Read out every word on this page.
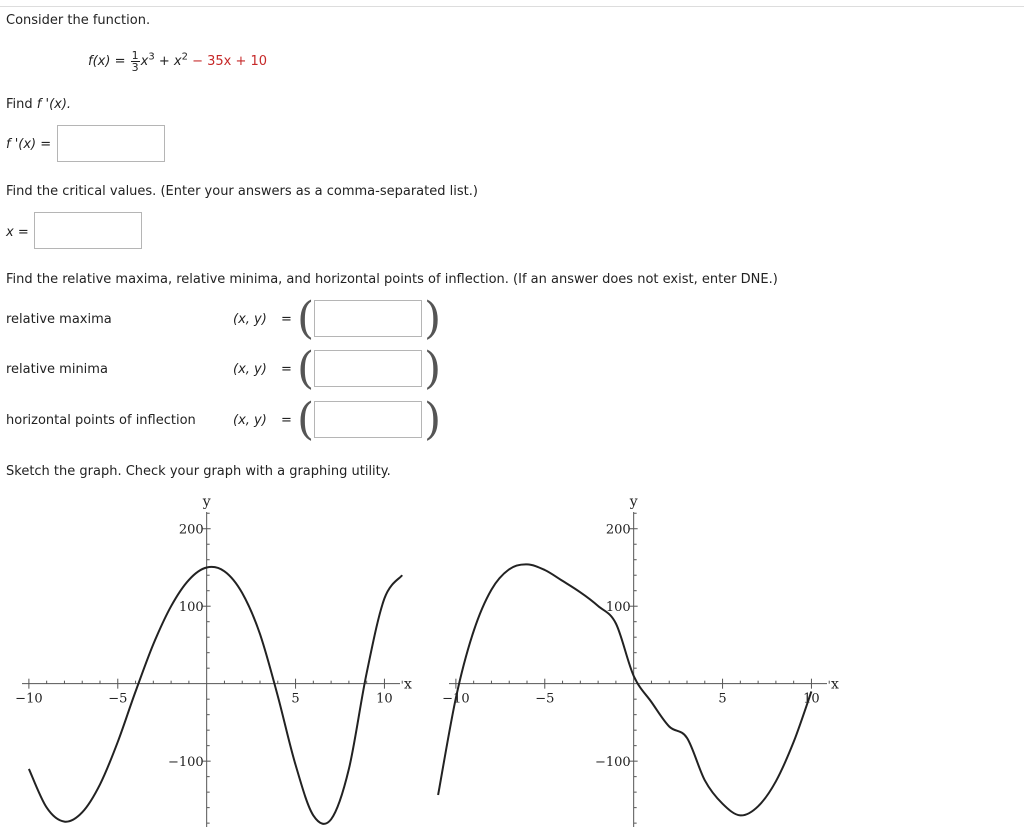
Consider the function.
$f(x) = \frac{1}{3} x^3 + x^2 - 35x + 10$
Find f '(x).
f '(x) =
Find the critical values. (Enter your answers as a comma-separated list.)
x =
Find the relative maxima, relative minima, and horizontal points of inflection. (If an answer does not exist, enter DNE.)
relative maxima	(x, y) = ( )
relative minima	(x, y) = ( )
horizontal points of inflection	(x, y) = ( )
Sketch the graph. Check your graph with a graphing utility.
−10	−5	5	10
−100
100
200
x
y
−10	−5	5	10
−100
100
200
x
y
